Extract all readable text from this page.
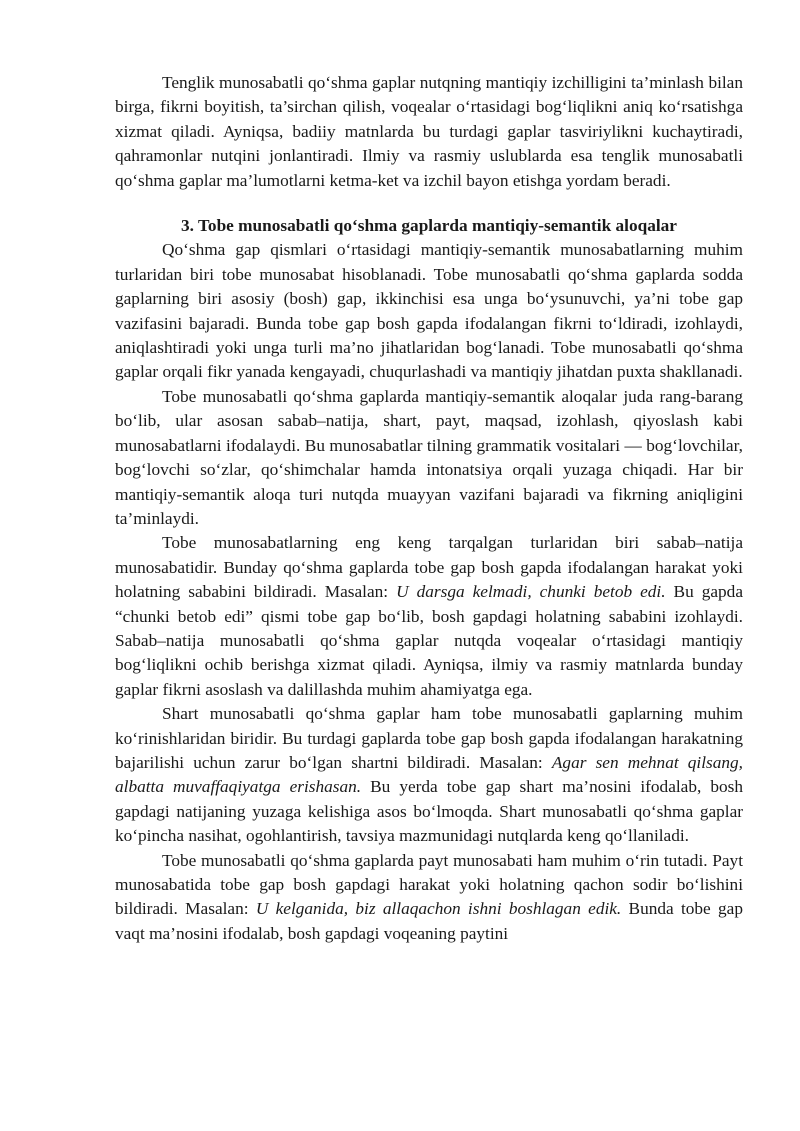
Tenglik munosabatli qo‘shma gaplar nutqning mantiqiy izchilligini ta’minlash bilan birga, fikrni boyitish, ta’sirchan qilish, voqealar o‘rtasidagi bog‘liqlikni aniq ko‘rsatishga xizmat qiladi. Ayniqsa, badiiy matnlarda bu turdagi gaplar tasviriylikni kuchaytiradi, qahramonlar nutqini jonlantiradi. Ilmiy va rasmiy uslublarda esa tenglik munosabatli qo‘shma gaplar ma’lumotlarni ketma-ket va izchil bayon etishga yordam beradi.

3. Tobe munosabatli qo‘shma gaplarda mantiqiy-semantik aloqalar

Qo‘shma gap qismlari o‘rtasidagi mantiqiy-semantik munosabatlarning muhim turlaridan biri tobe munosabat hisoblanadi. Tobe munosabatli qo‘shma gaplarda sodda gaplarning biri asosiy (bosh) gap, ikkinchisi esa unga bo‘ysunuvchi, ya’ni tobe gap vazifasini bajaradi. Bunda tobe gap bosh gapda ifodalangan fikrni to‘ldiradi, izohlaydi, aniqlashtiradi yoki unga turli ma’no jihatlaridan bog‘lanadi. Tobe munosabatli qo‘shma gaplar orqali fikr yanada kengayadi, chuqurlashadi va mantiqiy jihatdan puxta shakllanadi.

Tobe munosabatli qo‘shma gaplarda mantiqiy-semantik aloqalar juda rang-barang bo‘lib, ular asosan sabab–natija, shart, payt, maqsad, izohlash, qiyoslash kabi munosabatlarni ifodalaydi. Bu munosabatlar tilning grammatik vositalari — bog‘lovchilar, bog‘lovchi so‘zlar, qo‘shimchalar hamda intonatsiya orqali yuzaga chiqadi. Har bir mantiqiy-semantik aloqa turi nutqda muayyan vazifani bajaradi va fikrning aniqligini ta’minlaydi.

Tobe munosabatlarning eng keng tarqalgan turlaridan biri sabab–natija munosabatidir. Bunday qo‘shma gaplarda tobe gap bosh gapda ifodalangan harakat yoki holatning sababini bildiradi. Masalan: U darsga kelmadi, chunki betob edi. Bu gapda “chunki betob edi” qismi tobe gap bo‘lib, bosh gapdagi holatning sababini izohlaydi. Sabab–natija munosabatli qo‘shma gaplar nutqda voqealar o‘rtasidagi mantiqiy bog‘liqlikni ochib berishga xizmat qiladi. Ayniqsa, ilmiy va rasmiy matnlarda bunday gaplar fikrni asoslash va dalillashda muhim ahamiyatga ega.

Shart munosabatli qo‘shma gaplar ham tobe munosabatli gaplarning muhim ko‘rinishlaridan biridir. Bu turdagi gaplarda tobe gap bosh gapda ifodalangan harakatning bajarilishi uchun zarur bo‘lgan shartni bildiradi. Masalan: Agar sen mehnat qilsang, albatta muvaffaqiyatga erishasan. Bu yerda tobe gap shart ma’nosini ifodalab, bosh gapdagi natijaning yuzaga kelishiga asos bo‘lmoqda. Shart munosabatli qo‘shma gaplar ko‘pincha nasihat, ogohlantirish, tavsiya mazmunidagi nutqlarda keng qo‘llaniladi.

Tobe munosabatli qo‘shma gaplarda payt munosabati ham muhim o‘rin tutadi. Payt munosabatida tobe gap bosh gapdagi harakat yoki holatning qachon sodir bo‘lishini bildiradi. Masalan: U kelganida, biz allaqachon ishni boshlagan edik. Bunda tobe gap vaqt ma’nosini ifodalab, bosh gapdagi voqeaning paytini
